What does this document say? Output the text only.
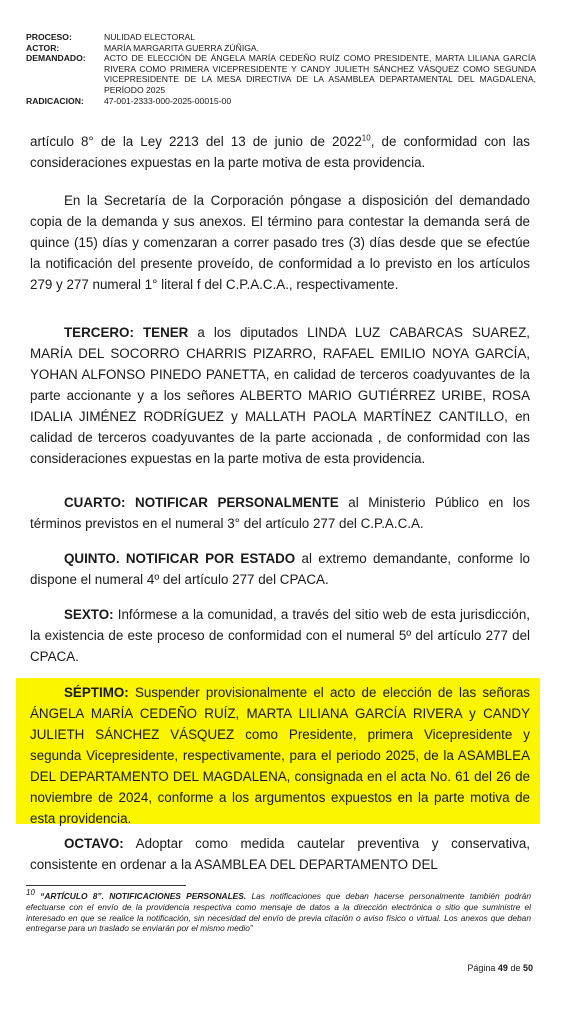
PROCESO:	NULIDAD ELECTORAL
ACTOR:	MARÍA MARGARITA GUERRA ZÚÑIGA.
DEMANDADO:	ACTO DE ELECCIÓN DE ÁNGELA MARÍA CEDEÑO RUÍZ COMO PRESIDENTE, MARTA LILIANA GARCÍA RIVERA COMO PRIMERA VICEPRESIDENTE Y CANDY JULIETH SÁNCHEZ VÁSQUEZ COMO SEGUNDA VICEPRESIDENTE DE LA MESA DIRECTIVA DE LA ASAMBLEA DEPARTAMENTAL DEL MAGDALENA, PERÍODO 2025
RADICACION:	47-001-2333-000-2025-00015-00
artículo 8° de la Ley 2213 del 13 de junio de 2022$^{10}$, de conformidad con las consideraciones expuestas en la parte motiva de esta providencia.
En la Secretaría de la Corporación póngase a disposición del demandado copia de la demanda y sus anexos. El término para contestar la demanda será de quince (15) días y comenzaran a correr pasado tres (3) días desde que se efectúe la notificación del presente proveído, de conformidad a lo previsto en los artículos 279 y 277 numeral 1° literal f del C.P.A.C.A., respectivamente.
TERCERO: TENER a los diputados LINDA LUZ CABARCAS SUAREZ, MARÍA DEL SOCORRO CHARRIS PIZARRO, RAFAEL EMILIO NOYA GARCÍA, YOHAN ALFONSO PINEDO PANETTA, en calidad de terceros coadyuvantes de la parte accionante y a los señores ALBERTO MARIO GUTIÉRREZ URIBE, ROSA IDALIA JIMÉNEZ RODRÍGUEZ y MALLATH PAOLA MARTÍNEZ CANTILLO, en calidad de terceros coadyuvantes de la parte accionada , de conformidad con las consideraciones expuestas en la parte motiva de esta providencia.
CUARTO: NOTIFICAR PERSONALMENTE al Ministerio Público en los términos previstos en el numeral 3° del artículo 277 del C.P.A.C.A.
QUINTO. NOTIFICAR POR ESTADO al extremo demandante, conforme lo dispone el numeral 4º del artículo 277 del CPACA.
SEXTO: Infórmese a la comunidad, a través del sitio web de esta jurisdicción, la existencia de este proceso de conformidad con el numeral 5º del artículo 277 del CPACA.
SÉPTIMO: Suspender provisionalmente el acto de elección de las señoras ÁNGELA MARÍA CEDEÑO RUÍZ, MARTA LILIANA GARCÍA RIVERA y CANDY JULIETH SÁNCHEZ VÁSQUEZ como Presidente, primera Vicepresidente y segunda Vicepresidente, respectivamente, para el periodo 2025, de la ASAMBLEA DEL DEPARTAMENTO DEL MAGDALENA, consignada en el acta No. 61 del 26 de noviembre de 2024, conforme a los argumentos expuestos en la parte motiva de esta providencia.
OCTAVO: Adoptar como medida cautelar preventiva y conservativa, consistente en ordenar a la ASAMBLEA DEL DEPARTAMENTO DEL
$^{10}$ “ARTÍCULO 8”. NOTIFICACIONES PERSONALES. Las notificaciones que deban hacerse personalmente también podrán efectuarse con el envío de la providencia respectiva como mensaje de datos a la dirección electrónica o sitio que suministre el interesado en que se realice la notificación, sin necesidad del envío de previa citación o aviso físico o virtual. Los anexos que deban entregarse para un traslado se enviarán por el mismo medio”
Página 49 de 50
